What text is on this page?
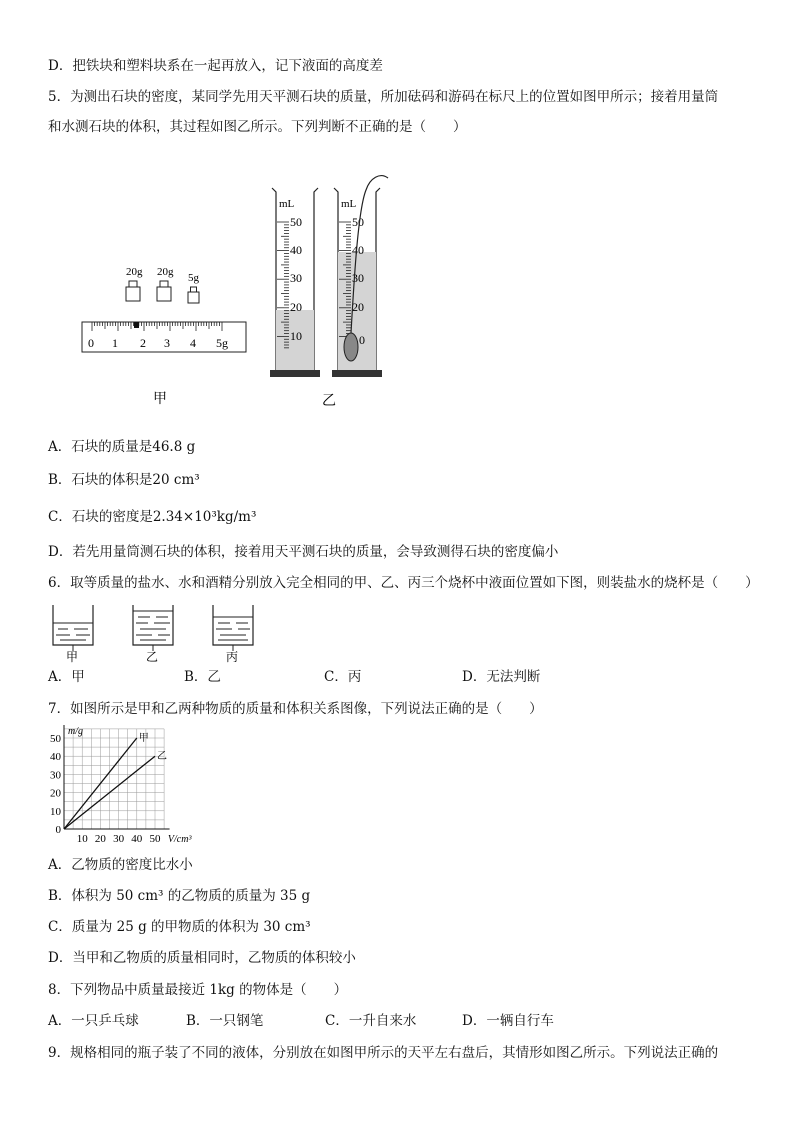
D．把铁块和塑料块系在一起再放入，记下液面的高度差
5．为测出石块的密度，某同学先用天平测石块的质量，所加砝码和游码在标尺上的位置如图甲所示；接着用量筒
和水测石块的体积，其过程如图乙所示。下列判断不正确的是（　　）
20g 20g 5g
0 1 2 3 4 5g
甲
mL
50
40
30
20
10
mL
50
40
30
20
0
乙
A．石块的质量是46.8 g
B．石块的体积是20 cm³
C．石块的密度是2.34×10³kg/m³
D．若先用量筒测石块的体积，接着用天平测石块的质量，会导致测得石块的密度偏小
6．取等质量的盐水、水和酒精分别放入完全相同的甲、乙、丙三个烧杯中液面位置如下图，则装盐水的烧杯是（　　）
甲	乙	丙
A．甲	B．乙	C．丙	D．无法判断
7．如图所示是甲和乙两种物质的质量和体积关系图像，下列说法正确的是（　　）
甲
乙
0
10
20
30
40
50
10 20 30 40 50
m/g
V/cm³
A．乙物质的密度比水小
B．体积为 50 cm³ 的乙物质的质量为 35 g
C．质量为 25 g 的甲物质的体积为 30 cm³
D．当甲和乙物质的质量相同时，乙物质的体积较小
8．下列物品中质量最接近 1kg 的物体是（　　）
A．一只乒乓球	B．一只钢笔	C．一升自来水	D．一辆自行车
9．规格相同的瓶子装了不同的液体，分别放在如图甲所示的天平左右盘后，其情形如图乙所示。下列说法正确的
